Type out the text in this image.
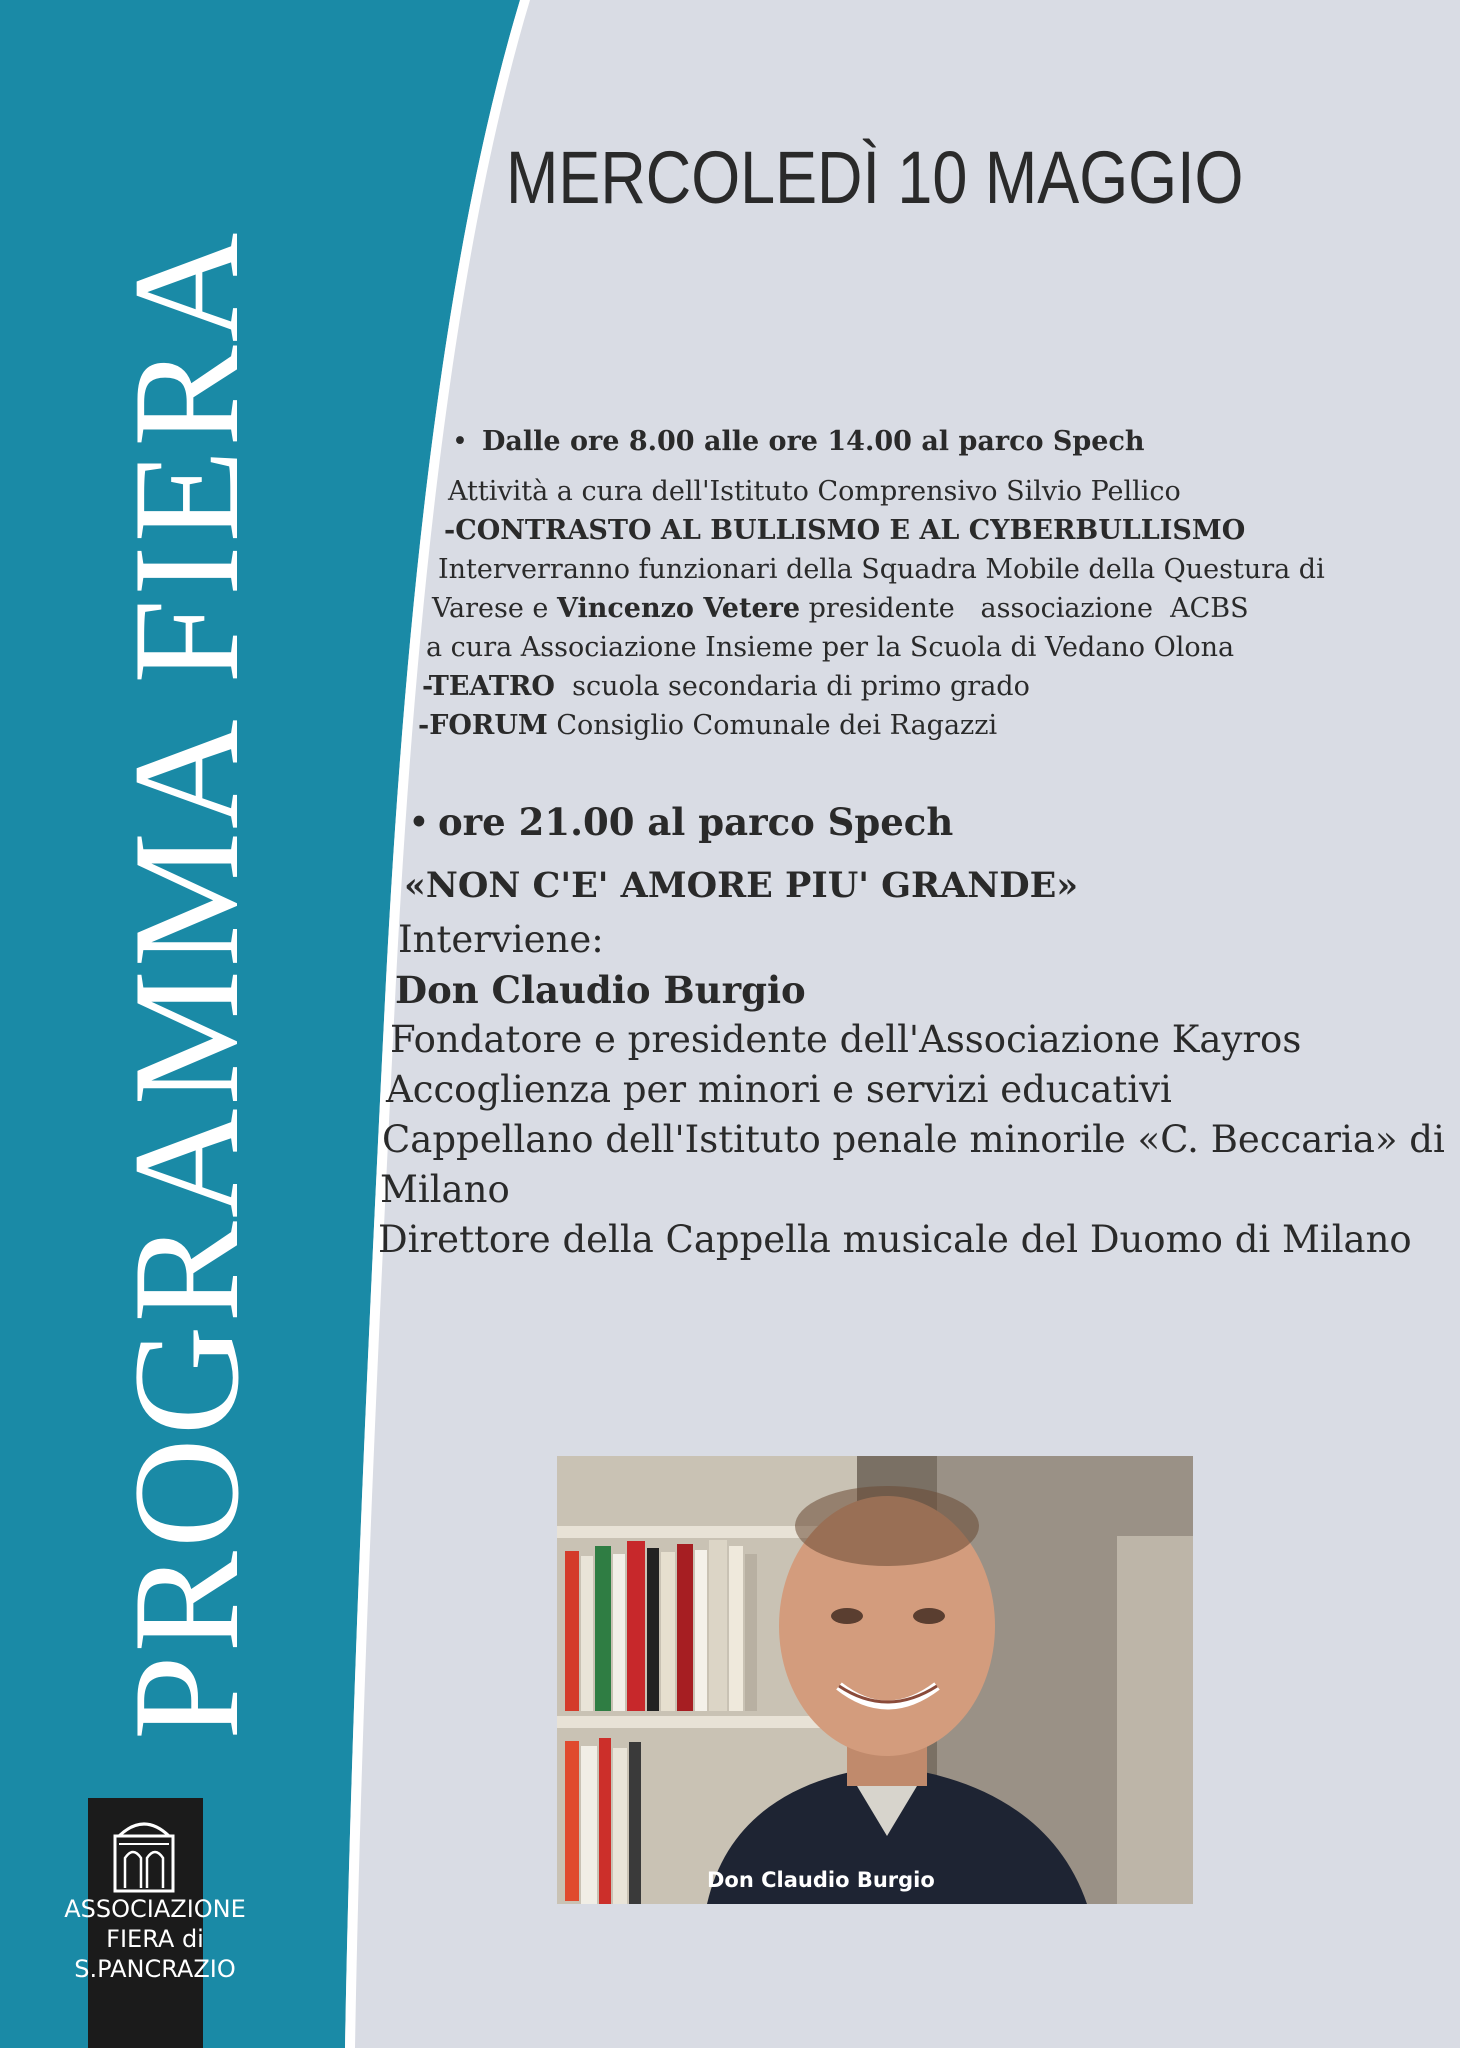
PROGRAMMA FIERA
ASSOCIAZIONE
FIERA di
S.PANCRAZIO
MERCOLEDÌ 10 MAGGIO
• Dalle ore 8.00 alle ore 14.00 al parco Spech
Attività a cura dell'Istituto Comprensivo Silvio Pellico
-CONTRASTO AL BULLISMO E AL CYBERBULLISMO
Interverranno funzionari della Squadra Mobile della Questura di
Varese e Vincenzo Vetere presidente   associazione  ACBS
a cura Associazione Insieme per la Scuola di Vedano Olona
-TEATRO  scuola secondaria di primo grado
-FORUM Consiglio Comunale dei Ragazzi
• ore 21.00 al parco Spech
«NON C'E' AMORE PIU' GRANDE»
Interviene:
Don Claudio Burgio
Fondatore e presidente dell'Associazione Kayros
Accoglienza per minori e servizi educativi
Cappellano dell'Istituto penale minorile «C. Beccaria» di
Milano
Direttore della Cappella musicale del Duomo di Milano
Don Claudio Burgio
